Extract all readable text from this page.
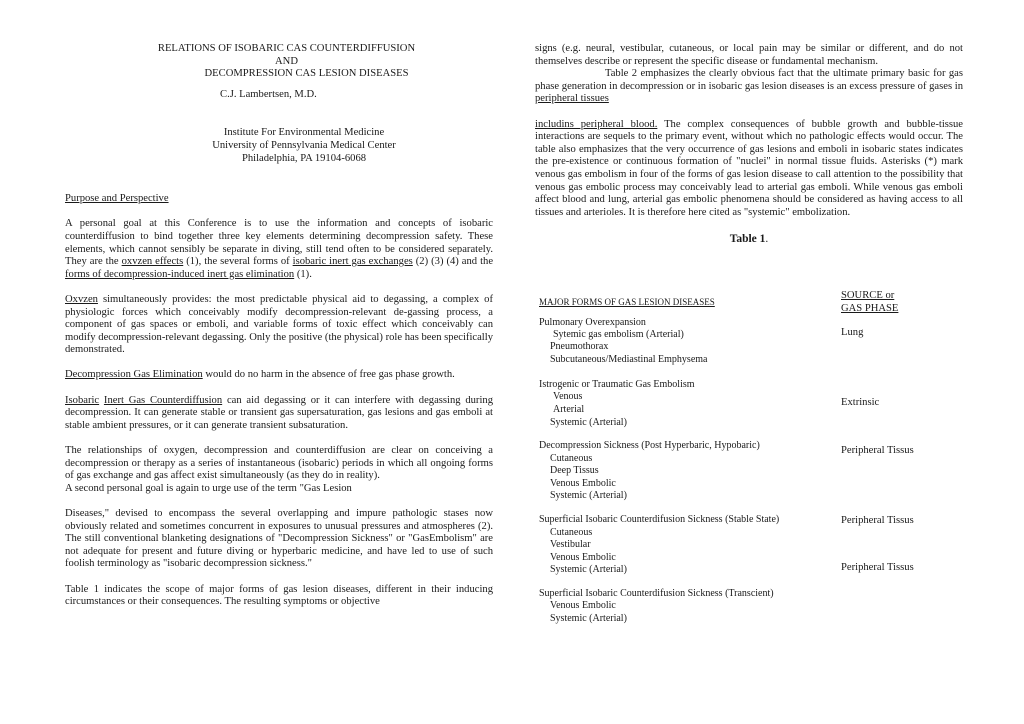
RELATIONS OF ISOBARIC CAS COUNTERDIFFUSION
AND
DECOMPRESSION CAS LESION DISEASES
C.J. Lambertsen, M.D.
Institute For Environmental Medicine
University of Pennsylvania Medical Center
Philadelphia, PA 19104-6068
Purpose and Perspective

A personal goal at this Conference is to use the information and concepts of isobaric counterdiffusion to bind together three key elements determining decompression safety. These elements, which cannot sensibly be separate in diving, still tend often to be considered separately. They are the oxvzen effects (1), the several forms of isobaric inert gas exchanges (2) (3) (4) and the forms of decompression-induced inert gas elimination (1).

Oxvzen simultaneously provides: the most predictable physical aid to degassing, a complex of physiologic forces which conceivably modify decompression-relevant de-gassing process, a component of gas spaces or emboli, and variable forms of toxic effect which conceivably can modify decompression-relevant degassing. Only the positive (the physical) role has been specifically demonstrated.

Decompression Gas Elimination would do no harm in the absence of free gas phase growth.

Isobaric Inert Gas Counterdiffusion can aid degassing or it can interfere with degassing during decompression. It can generate stable or transient gas supersaturation, gas lesions and gas emboli at stable ambient pressures, or it can generate transient subsaturation.

The relationships of oxygen, decompression and counterdiffusion are clear on conceiving a decompression or therapy as a series of instantaneous (isobaric) periods in which all ongoing forms of gas exchange and gas affect exist simultaneously (as they do in reality).

A second personal goal is again to urge use of the term "Gas Lesion

Diseases," devised to encompass the several overlapping and impure pathologic stases now obviously related and sometimes concurrent in exposures to unusual pressures and atmospheres (2). The still conventional blanketing designations of "Decompression Sickness" or "GasEmbolism" are not adequate for present and future diving or hyperbaric medicine, and have led to use of such foolish terminology as "isobaric decompression sickness."

Table 1 indicates the scope of major forms of gas lesion diseases, different in their inducing circumstances or their consequences. The resulting symptoms or objective

signs (e.g. neural, vestibular, cutaneous, or local pain may be similar or different, and do not themselves describe or represent the specific disease or fundamental mechanism.

Table 2 emphasizes the clearly obvious fact that the ultimate primary basic for gas phase generation in decompression or in isobaric gas lesion diseases is an excess pressure of gases in peripheral tissues

includins peripheral blood. The complex consequences of bubble growth and bubble-tissue interactions are sequels to the primary event, without which no pathologic effects would occur. The table also emphasizes that the very occurrence of gas lesions and emboli in isobaric states indicates the pre-existence or continuous formation of "nuclei" in normal tissue fluids. Asterisks (*) mark venous gas embolism in four of the forms of gas lesion disease to call attention to the possibility that venous gas embolic process may conceivably lead to arterial gas emboli. While venous gas emboli affect blood and lung, arterial gas embolic phenomena should be considered as having access to all tissues and arterioles. It is therefore here cited as "systemic" embolization.

Table 1.
MAJOR FORMS OF GAS LESION DISEASES
SOURCE or
GAS PHASE
Pulmonary Overexpansion
Sytemic gas embolism (Arterial)
Pneumothorax
Subcutaneous/Mediastinal Emphysema
Istrogenic or Traumatic Gas Embolism
Venous
Arterial
Systemic (Arterial)
Decompression Sickness (Post Hyperbaric, Hypobaric)
Cutaneous
Deep Tissus
Venous Embolic
Systemic (Arterial)
Superficial Isobaric Counterdifusion Sickness (Stable State)
Cutaneous
Vestibular
Venous Embolic
Systemic (Arterial)
Superficial Isobaric Counterdifusion Sickness (Transcient)
Venous Embolic
Systemic (Arterial)
Lung
Extrinsic
Peripheral Tissus
Peripheral Tissus
Peripheral Tissus
